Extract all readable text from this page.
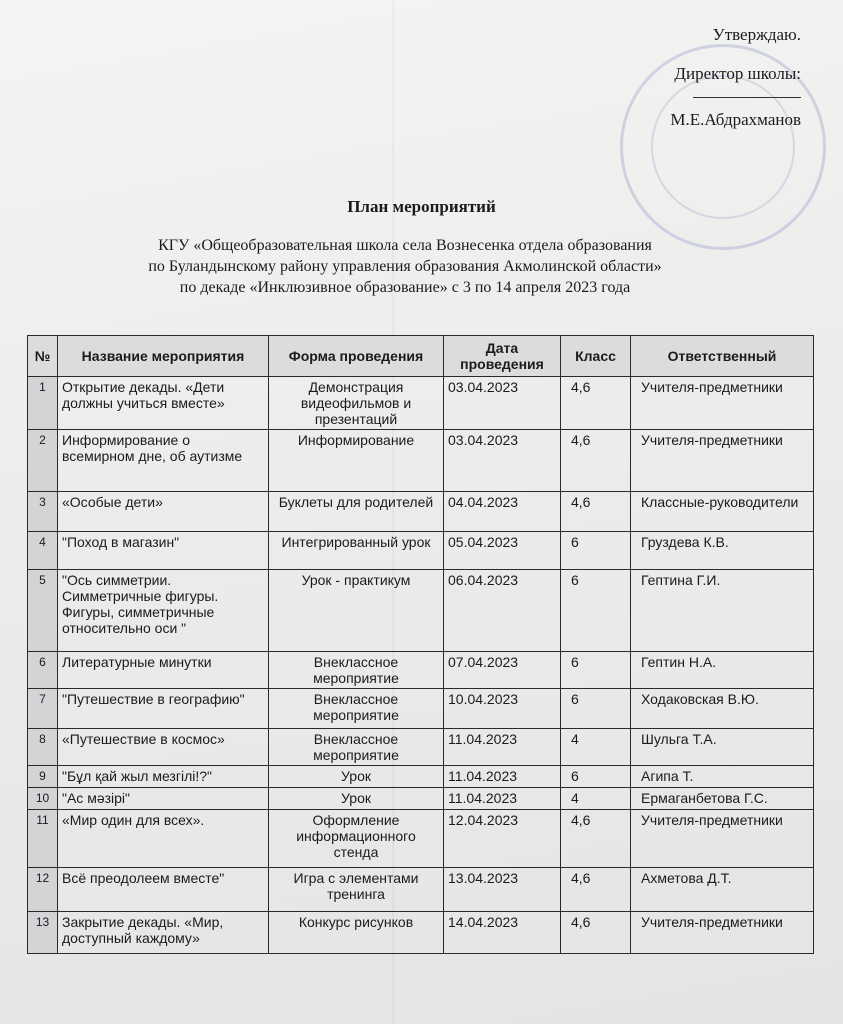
Утверждаю.
Директор школы:
М.Е.Абдрахманов
План мероприятий
КГУ «Общеобразовательная школа села Вознесенка отдела образования
по Буландынскому району управления образования Акмолинской области»
по декаде «Инклюзивное образование» с 3 по 14 апреля 2023 года
№	Название мероприятия	Форма проведения	Дата проведения	Класс	Ответственный
1	Открытие декады. «Дети должны учиться вместе»	Демонстрация видеофильмов и презентаций	03.04.2023	4,6	Учителя-предметники
2	Информирование о всемирном дне, об аутизме	Информирование	03.04.2023	4,6	Учителя-предметники
3	«Особые дети»	Буклеты для родителей	04.04.2023	4,6	Классные-руководители
4	"Поход в магазин"	Интегрированный урок	05.04.2023	6	Груздева К.В.
5	"Ось симметрии. Симметричные фигуры. Фигуры, симметричные относительно оси "	Урок - практикум	06.04.2023	6	Гептина Г.И.
6	Литературные минутки	Внеклассное мероприятие	07.04.2023	6	Гептин Н.А.
7	"Путешествие в географию"	Внеклассное мероприятие	10.04.2023	6	Ходаковская В.Ю.
8	«Путешествие в космос»	Внеклассное мероприятие	11.04.2023	4	Шульга Т.А.
9	"Бұл қай жыл мезгілі!?"	Урок	11.04.2023	6	Агипа Т.
10	"Ас мәзірі"	Урок	11.04.2023	4	Ермаганбетова Г.С.
11	«Мир один для всех».	Оформление информационного стенда	12.04.2023	4,6	Учителя-предметники
12	Всё преодолеем вместе"	Игра с элементами тренинга	13.04.2023	4,6	Ахметова Д.Т.
13	Закрытие декады. «Мир, доступный каждому»	Конкурс рисунков	14.04.2023	4,6	Учителя-предметники
